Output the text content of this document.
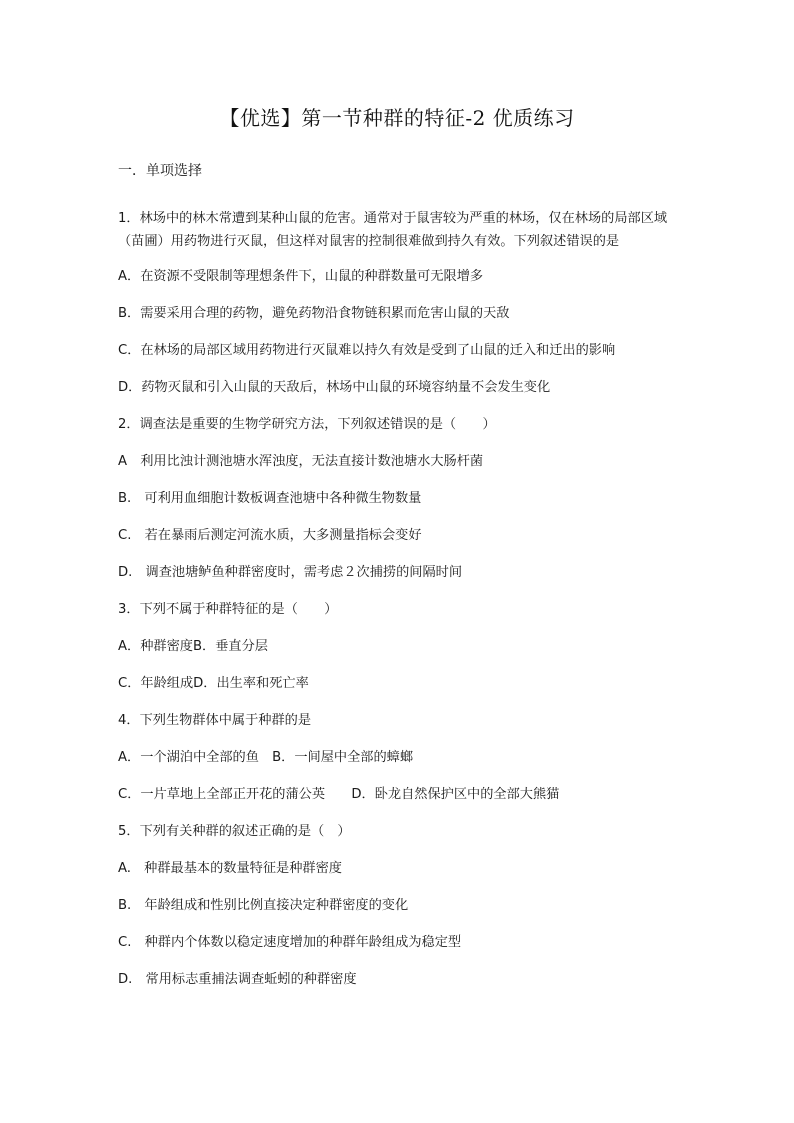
【优选】第一节种群的特征-2 优质练习
一．单项选择
1．林场中的林木常遭到某种山鼠的危害。通常对于鼠害较为严重的林场，仅在林场的局部区域（苗圃）用药物进行灭鼠，但这样对鼠害的控制很难做到持久有效。下列叙述错误的是
A．在资源不受限制等理想条件下，山鼠的种群数量可无限增多
B．需要采用合理的药物，避免药物沿食物链积累而危害山鼠的天敌
C．在林场的局部区域用药物进行灭鼠难以持久有效是受到了山鼠的迁入和迁出的影响
D．药物灭鼠和引入山鼠的天敌后，林场中山鼠的环境容纳量不会发生变化
2．调查法是重要的生物学研究方法，下列叙述错误的是（　　）
A　利用比浊计测池塘水浑浊度，无法直接计数池塘水大肠杆菌
B.　可利用血细胞计数板调查池塘中各种微生物数量
C.　若在暴雨后测定河流水质，大多测量指标会变好
D.　调查池塘鲈鱼种群密度时，需考虑２次捕捞的间隔时间
3．下列不属于种群特征的是（　　）
A．种群密度B．垂直分层
C．年龄组成D．出生率和死亡率
4．下列生物群体中属于种群的是
A．一个湖泊中全部的鱼　B．一间屋中全部的蟑螂
C．一片草地上全部正开花的蒲公英　　D．卧龙自然保护区中的全部大熊猫
5．下列有关种群的叙述正确的是（　）
A.　种群最基本的数量特征是种群密度
B.　年龄组成和性别比例直接决定种群密度的变化
C.　种群内个体数以稳定速度增加的种群年龄组成为稳定型
D.　常用标志重捕法调查蚯蚓的种群密度
